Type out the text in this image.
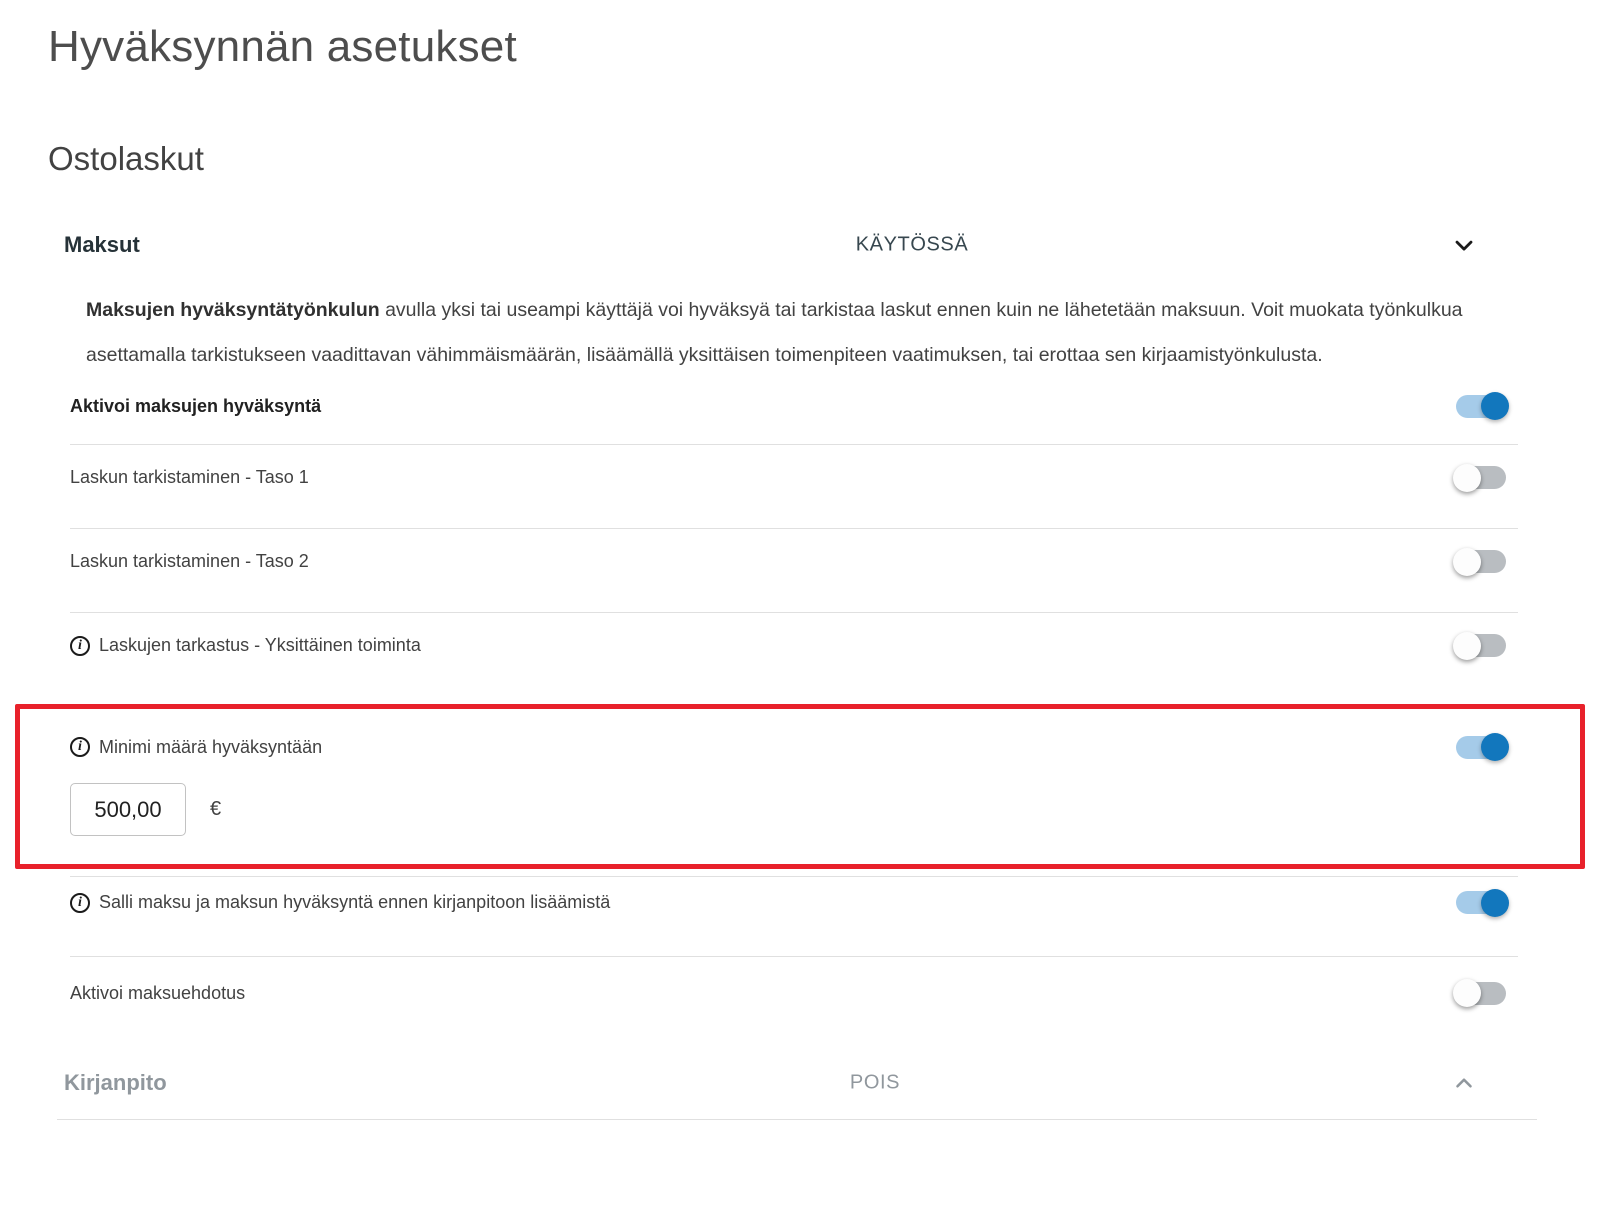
Hyväksynnän asetukset
Ostolaskut
Maksut	KÄYTÖSSÄ

Maksujen hyväksyntätyönkulun avulla yksi tai useampi käyttäjä voi hyväksyä tai tarkistaa laskut ennen kuin ne lähetetään maksuun. Voit muokata työnkulkua asettamalla tarkistukseen vaadittavan vähimmäismäärän, lisäämällä yksittäisen toimenpiteen vaatimuksen, tai erottaa sen kirjaamistyönkulusta.

Aktivoi maksujen hyväksyntä
Laskun tarkistaminen - Taso 1
Laskun tarkistaminen - Taso 2
i Laskujen tarkastus - Yksittäinen toiminta
i Minimi määrä hyväksyntään
500,00
€
i Salli maksu ja maksun hyväksyntä ennen kirjanpitoon lisäämistä
Aktivoi maksuehdotus
Kirjanpito	POIS
